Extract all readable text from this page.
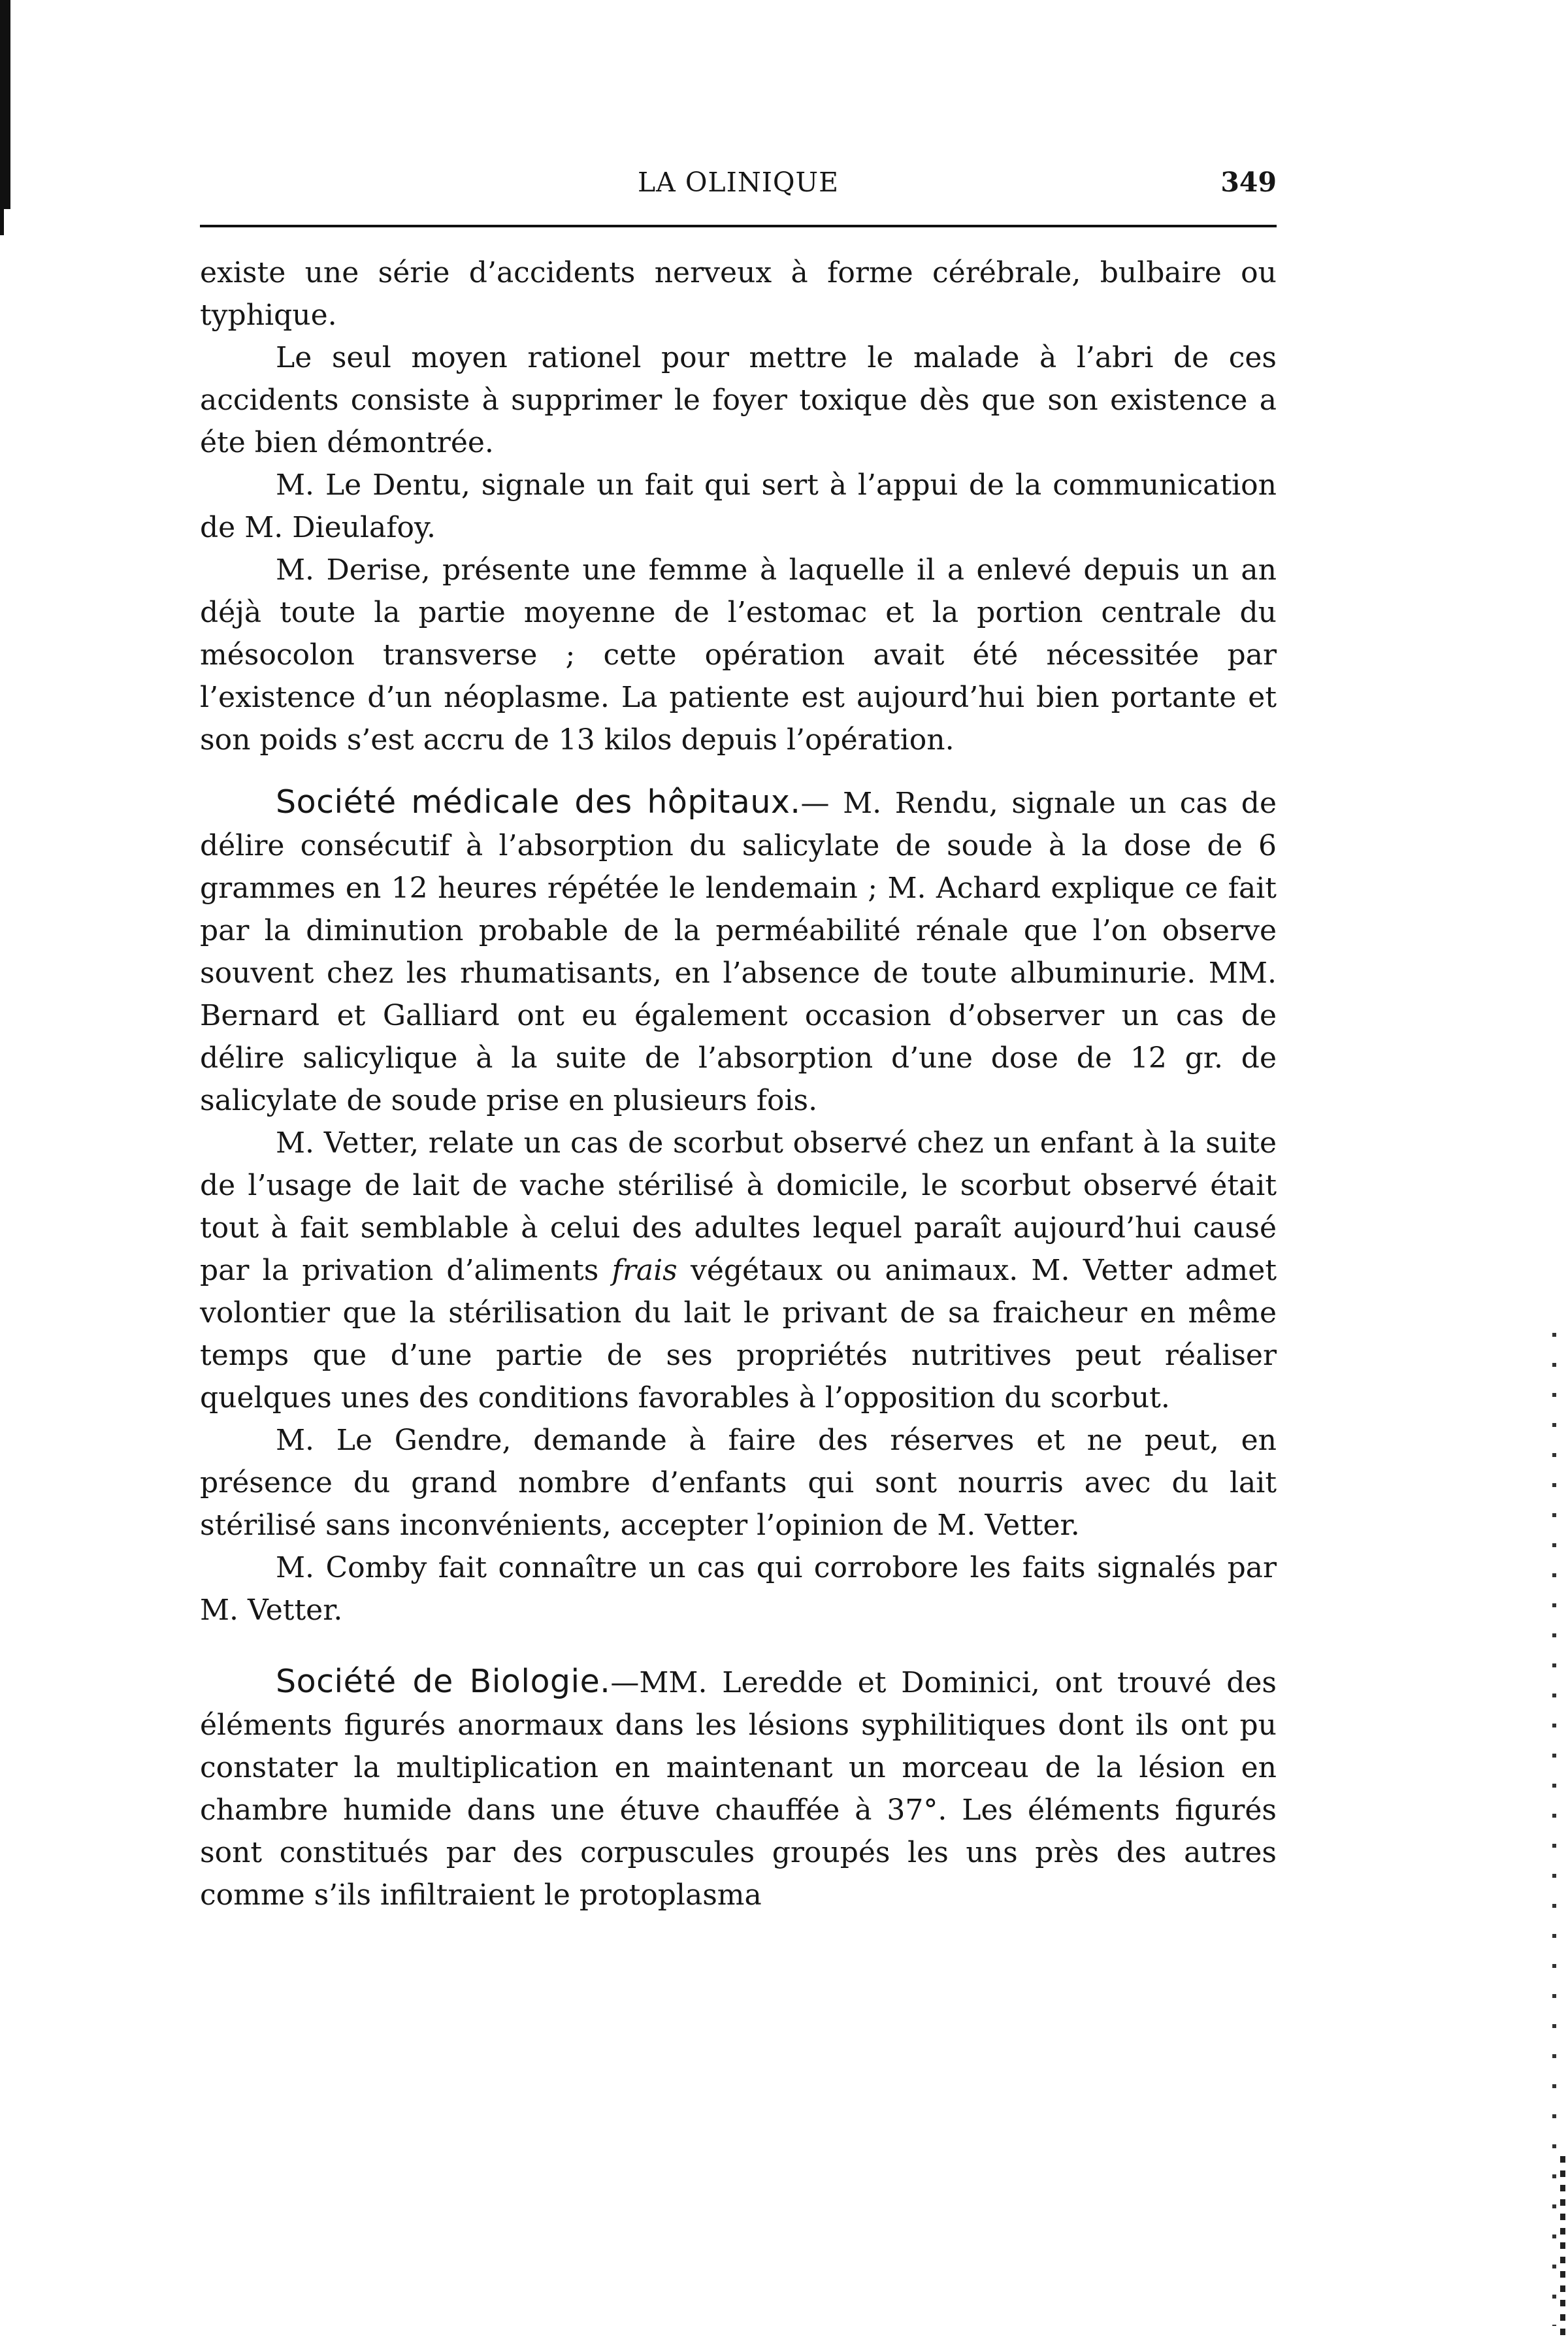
LA OLINIQUE	349

existe une série d’accidents nerveux à forme cérébrale, bulbaire ou typhique.

Le seul moyen rationel pour mettre le malade à l’abri de ces accidents consiste à supprimer le foyer toxique dès que son existence a éte bien démontrée.

M. Le Dentu, signale un fait qui sert à l’appui de la communication de M. Dieulafoy.

M. Derise, présente une femme à laquelle il a enlevé depuis un an déjà toute la partie moyenne de l’estomac et la portion centrale du mésocolon transverse ; cette opération avait été nécessitée par l’existence d’un néoplasme. La patiente est aujourd’hui bien portante et son poids s’est accru de 13 kilos depuis l’opération.

Société médicale des hôpitaux.— M. Rendu, signale un cas de délire consécutif à l’absorption du salicylate de soude à la dose de 6 grammes en 12 heures répétée le lendemain ; M. Achard explique ce fait par la diminution probable de la perméabilité rénale que l’on observe souvent chez les rhumatisants, en l’absence de toute albuminurie. MM. Bernard et Galliard ont eu également occasion d’observer un cas de délire salicylique à la suite de l’absorption d’une dose de 12 gr. de salicylate de soude prise en plusieurs fois.

M. Vetter, relate un cas de scorbut observé chez un enfant à la suite de l’usage de lait de vache stérilisé à domicile, le scorbut observé était tout à fait semblable à celui des adultes lequel paraît aujourd’hui causé par la privation d’aliments frais végétaux ou animaux. M. Vetter admet volontier que la stérilisation du lait le privant de sa fraicheur en même temps que d’une partie de ses propriétés nutritives peut réaliser quelques unes des conditions favorables à l’opposition du scorbut.

M. Le Gendre, demande à faire des réserves et ne peut, en présence du grand nombre d’enfants qui sont nourris avec du lait stérilisé sans inconvénients, accepter l’opinion de M. Vetter.

M. Comby fait connaître un cas qui corrobore les faits signalés par M. Vetter.

Société de Biologie.—MM. Leredde et Dominici, ont trouvé des éléments figurés anormaux dans les lésions syphilitiques dont ils ont pu constater la multiplication en maintenant un morceau de la lésion en chambre humide dans une étuve chauffée à 37°. Les éléments figurés sont constitués par des corpuscules groupés les uns près des autres comme s’ils infiltraient le protoplasma
